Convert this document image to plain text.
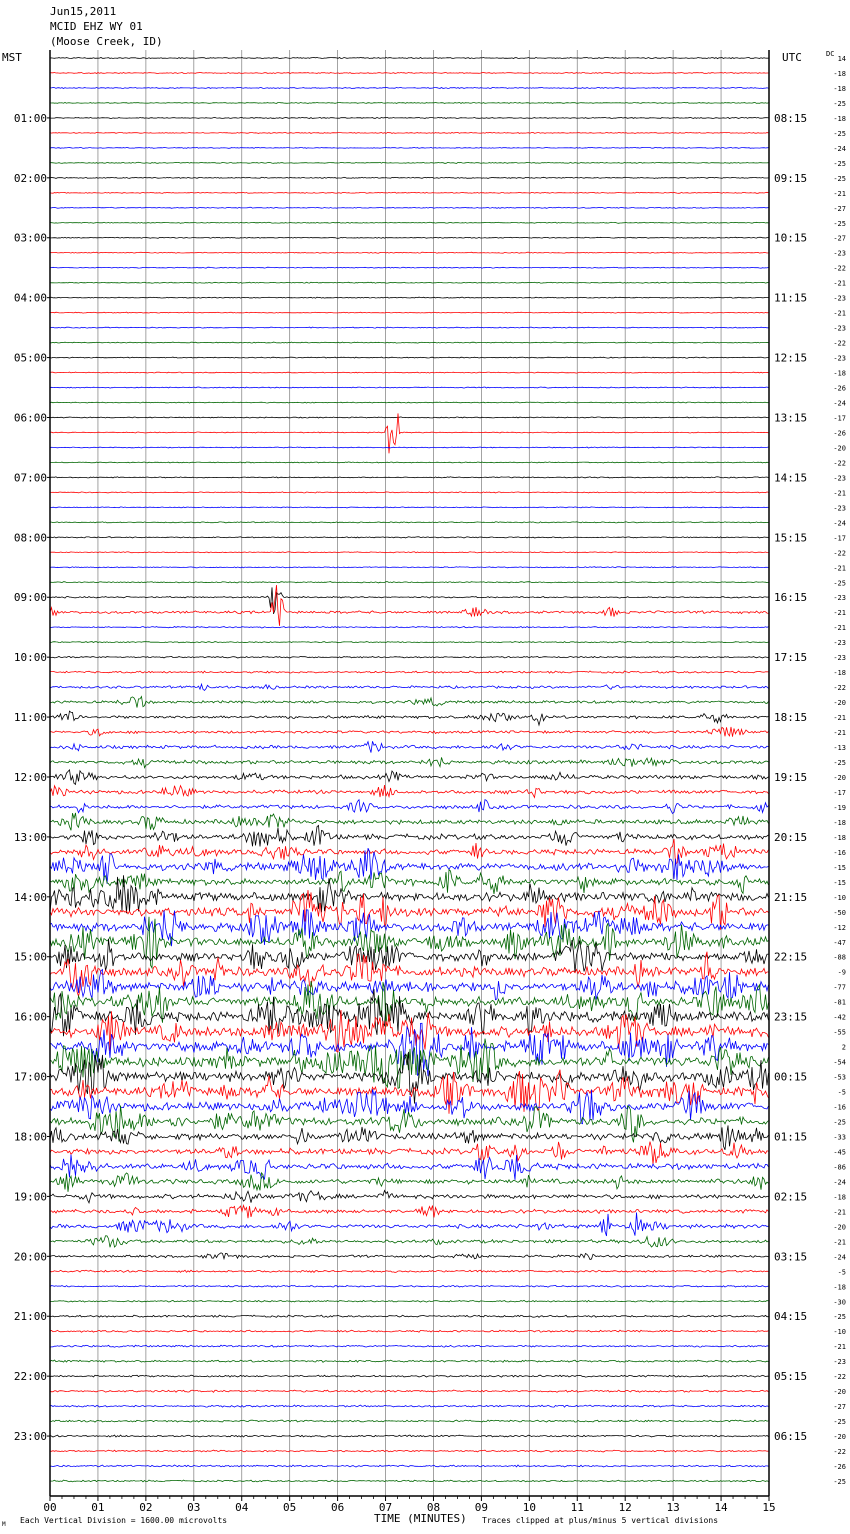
Jun15,2011
MCID EHZ WY 01
(Moose Creek, ID)
00	01	02	03	04	05	06	07	08	09	10	11	12	13	14	15
01:00
02:00
03:00
04:00
05:00
06:00
07:00
08:00
09:00
10:00
11:00
12:00
13:00
14:00
15:00
16:00
17:00
18:00
19:00
20:00
21:00
22:00
23:00
08:15
09:15
10:15
11:15
12:15
13:15
14:15
15:15
16:15
17:15
18:15
19:15
20:15
21:15
22:15
23:15
00:15
01:15
02:15
03:15
04:15
05:15
06:15
14
-18
-18
-25
-18
-25
-24
-25
-25
-21
-27
-25
-27
-23
-22
-21
-23
-21
-23
-22
-23
-18
-26
-24
-17
-26
-20
-22
-23
-21
-23
-24
-17
-22
-21
-25
-23
-21
-21
-23
-23
-18
-22
-20
-21
-21
-13
-25
-20
-17
-19
-18
-18
-16
-15
-15
-10
-50
-12
-47
-88
-9
-77
-81
-42
-55
2
-54
-53
-5
-16
-25
-33
-45
-86
-24
-18
-21
-20
-21
-24
-5
-18
-30
-25
-10
-21
-23
-22
-20
-27
-25
-20
-22
-26
-25
MST	UTC	DC
TIME (MINUTES)
Each Vertical Division = 1600.00 microvolts	Traces clipped at plus/minus 5 vertical divisions
M
